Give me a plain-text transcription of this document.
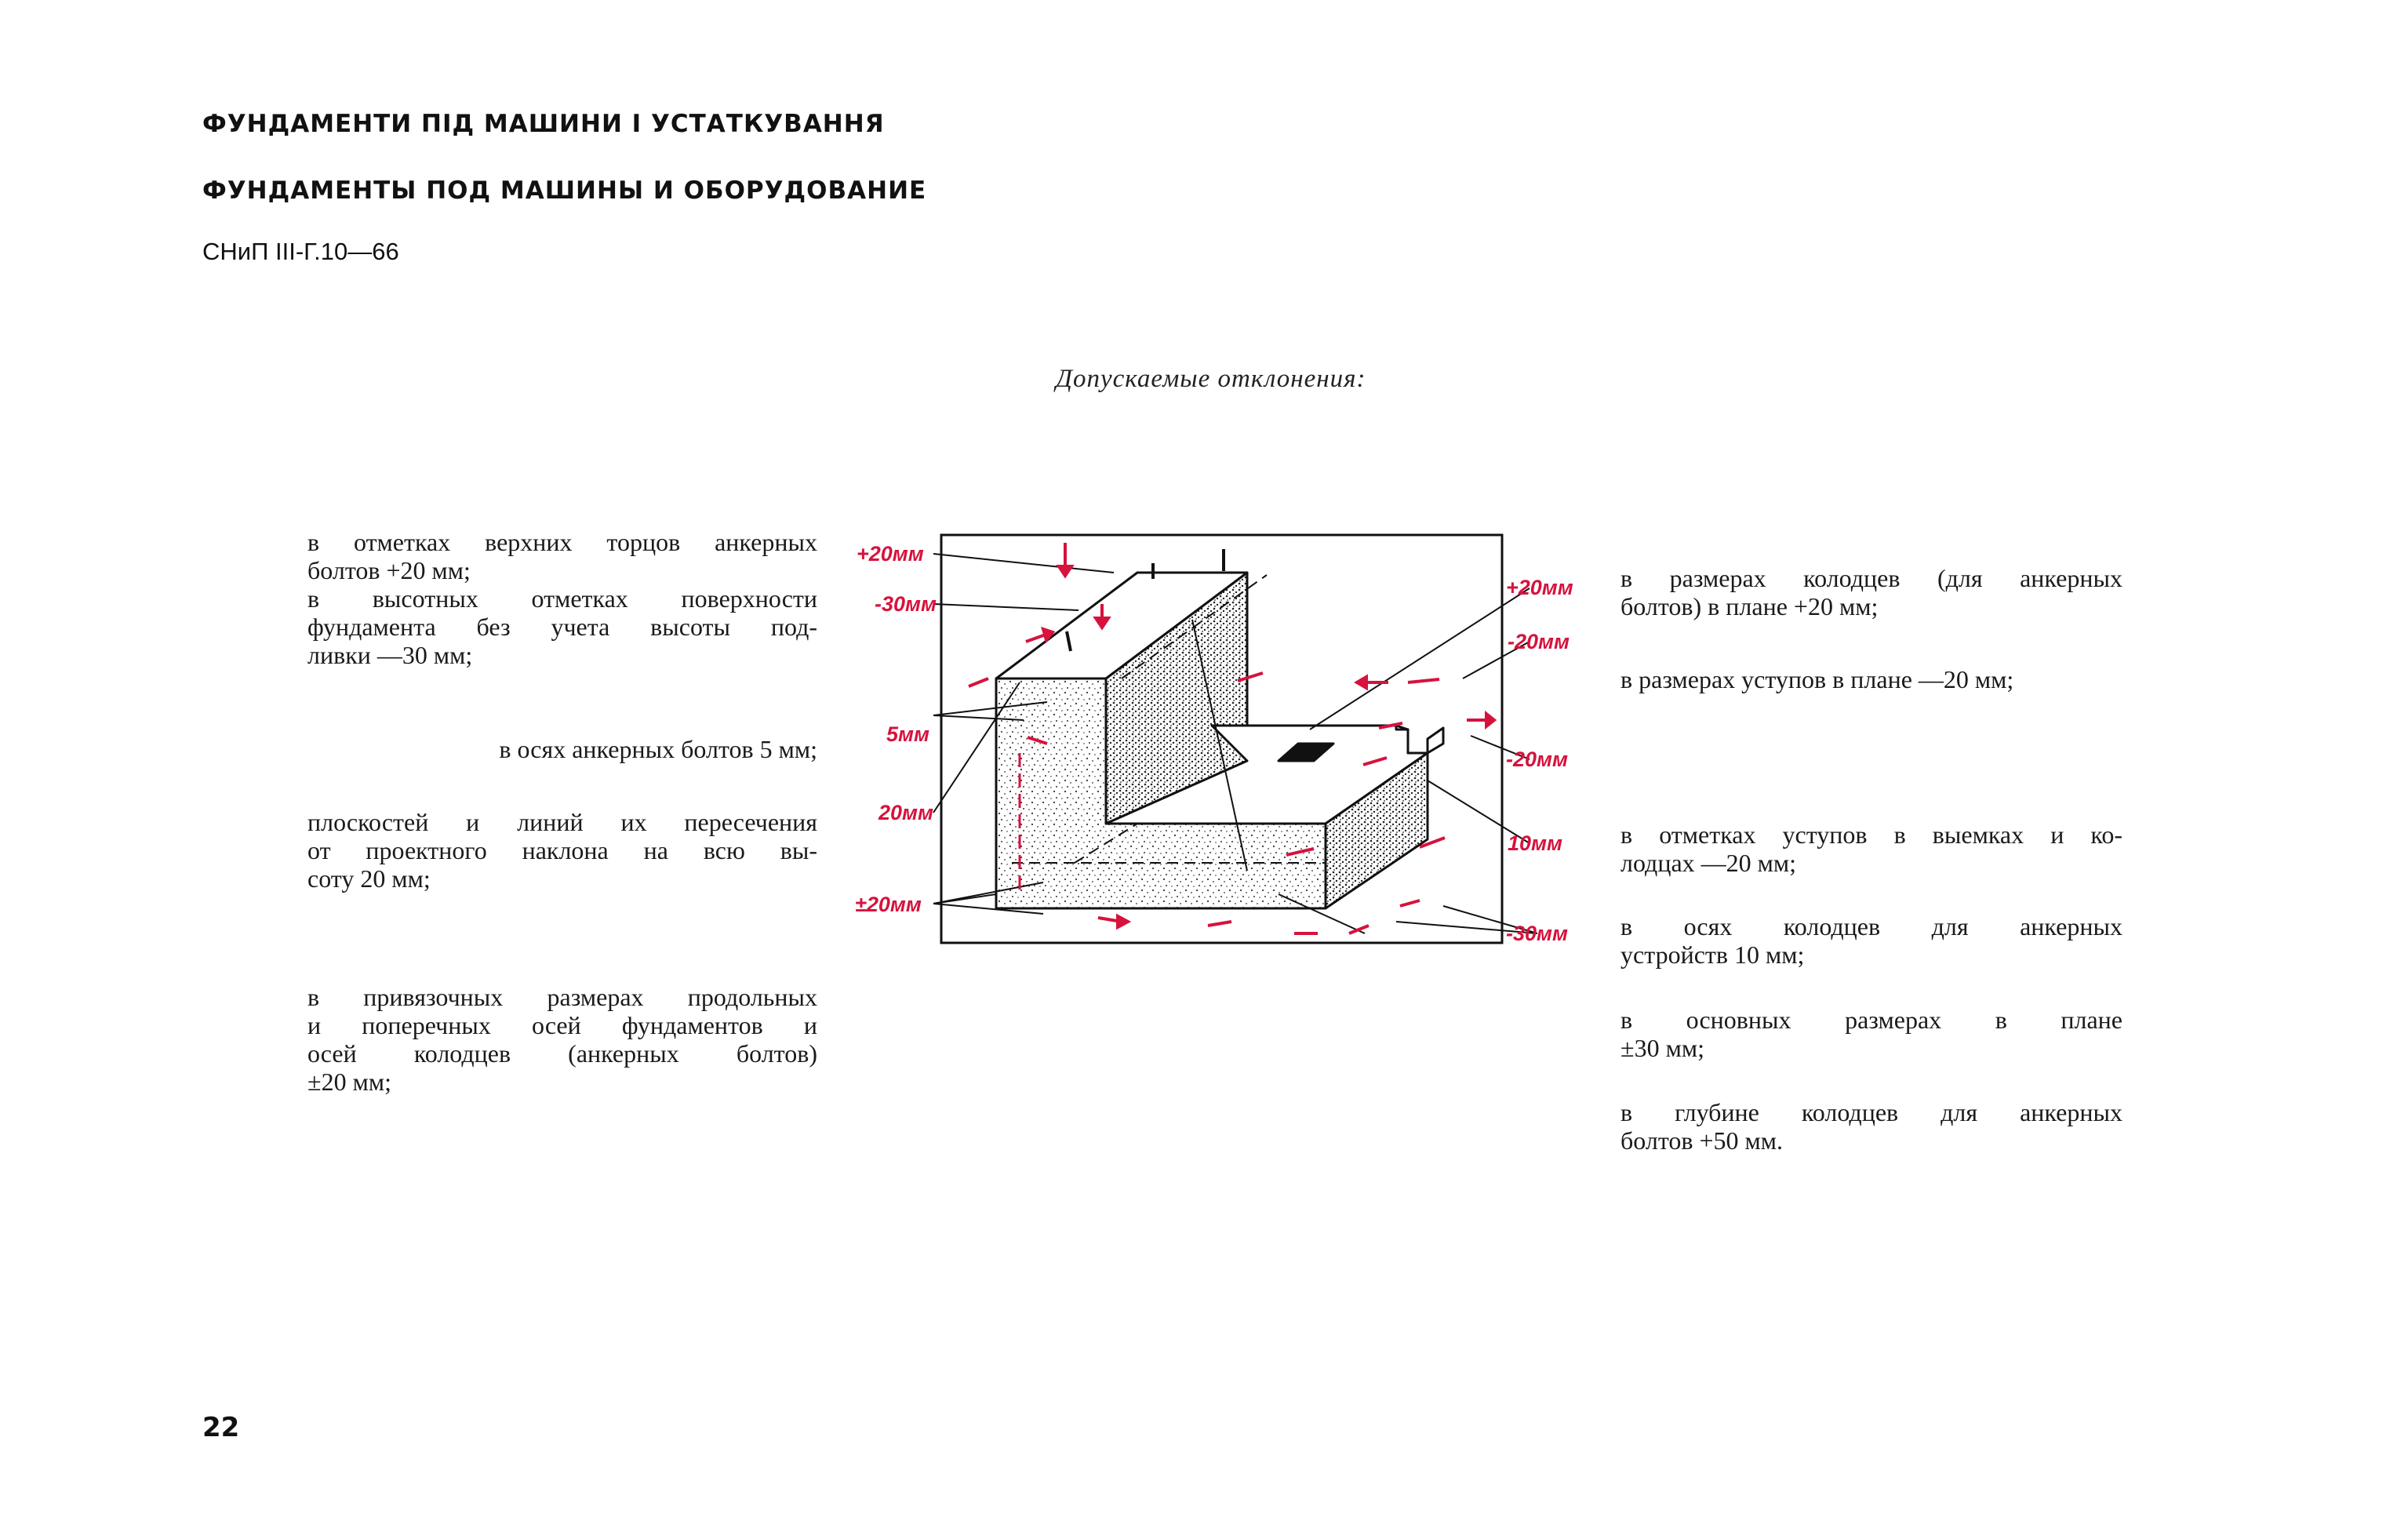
ФУНДАМЕНТИ ПІД МАШИНИ І УСТАТКУВАННЯ
ФУНДАМЕНТЫ ПОД МАШИНЫ И ОБОРУДОВАНИЕ
СНиП III-Г.10—66
Допускаемые отклонения:
в отметках верхних торцов анкерных
болтов +20 мм;
в высотных отметках поверхности
фундамента без учета высоты под-
ливки —30 мм;
в осях анкерных болтов 5 мм;
плоскостей и линий их пересечения
от проектного наклона на всю вы-
соту 20 мм;
в привязочных размерах продольных
и поперечных осей фундаментов и
осей колодцев (анкерных болтов)
±20 мм;
+20мм
-30мм
5мм
20мм
±20мм
+20мм
-20мм
-20мм
10мм
-30мм
в размерах колодцев (для анкерных
болтов) в плане +20 мм;
в размерах уступов в плане —20 мм;
в отметках уступов в выемках и ко-
лодцах —20 мм;
в осях колодцев для анкерных
устройств 10 мм;
в основных размерах в плане
±30 мм;
в глубине колодцев для анкерных
болтов +50 мм.
22
